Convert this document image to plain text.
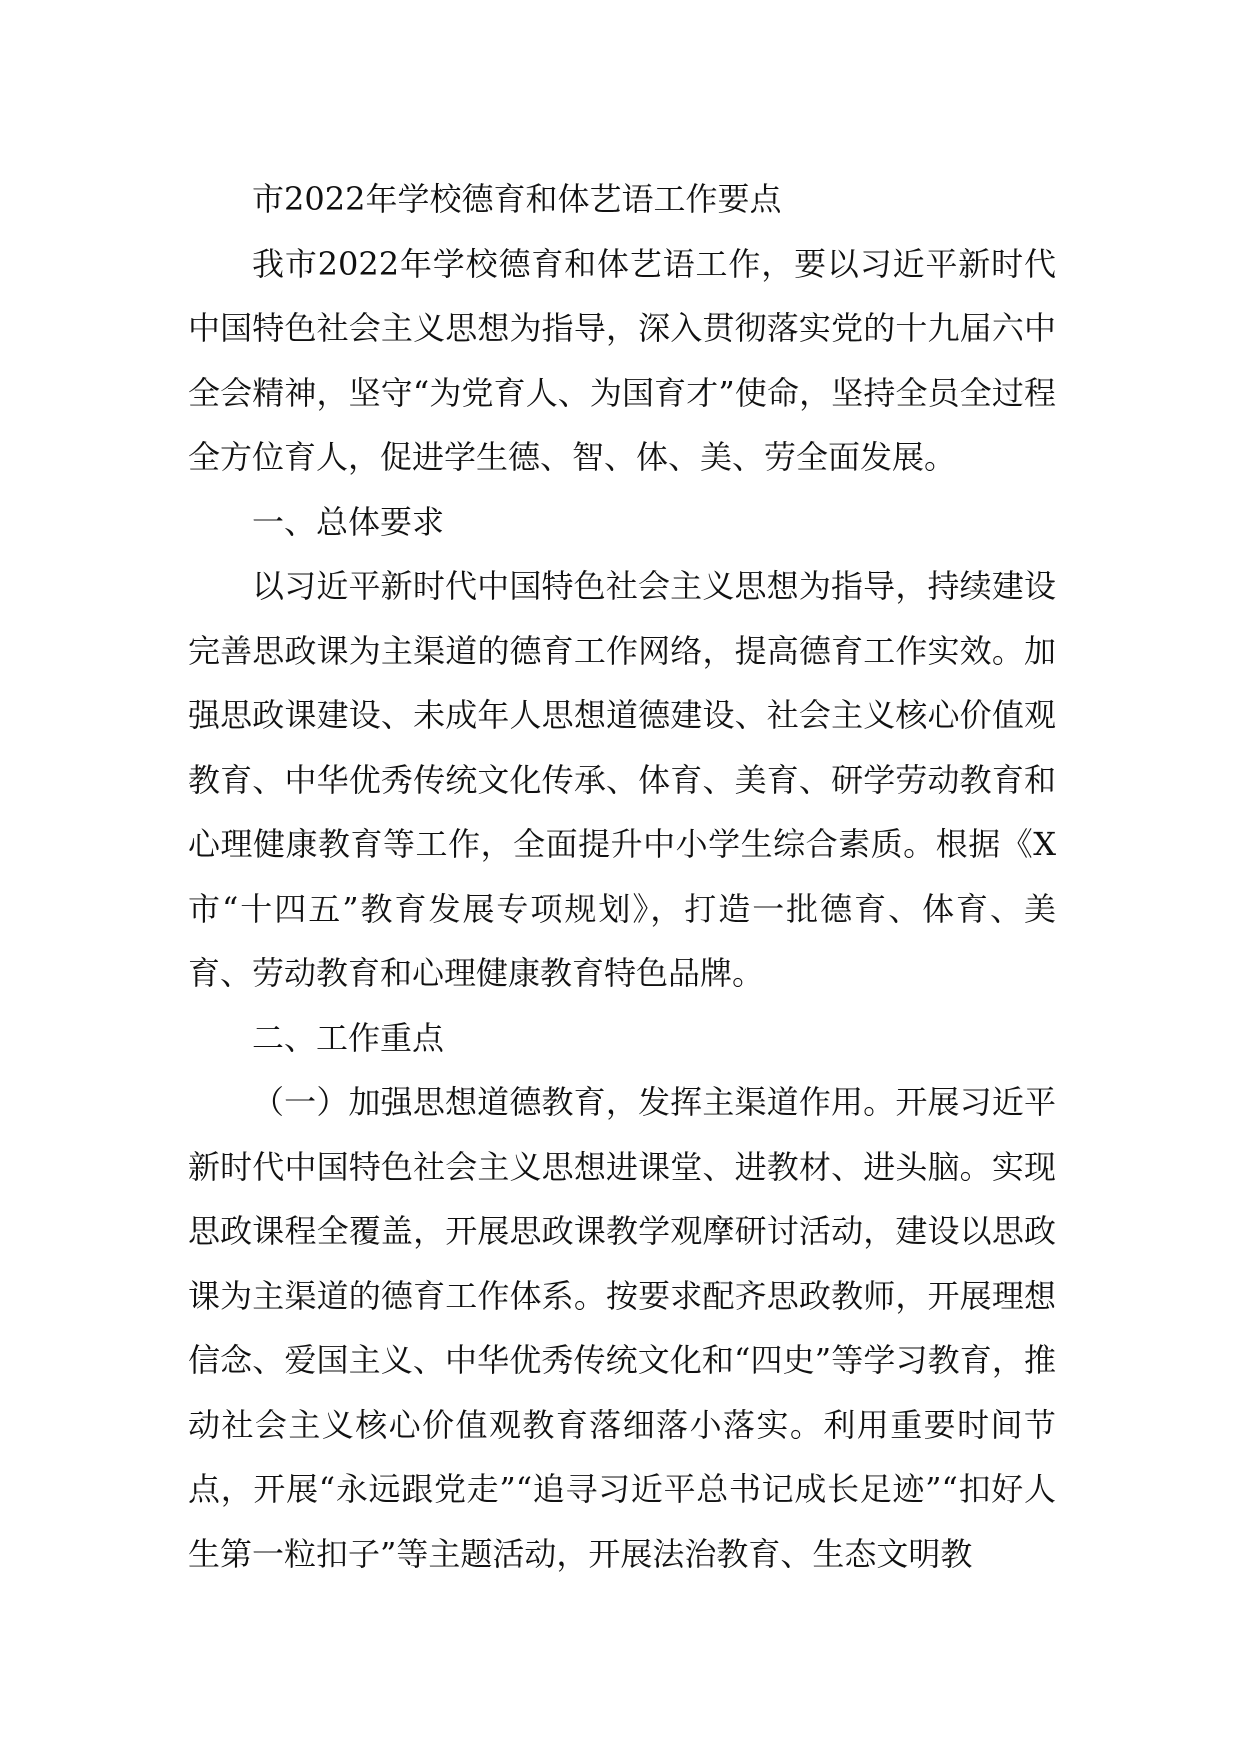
市2022年学校德育和体艺语工作要点

我市2022年学校德育和体艺语工作，要以习近平新时代中国特色社会主义思想为指导，深入贯彻落实党的十九届六中全会精神，坚守“为党育人、为国育才”使命，坚持全员全过程全方位育人，促进学生德、智、体、美、劳全面发展。

一、总体要求

以习近平新时代中国特色社会主义思想为指导，持续建设完善思政课为主渠道的德育工作网络，提高德育工作实效。加强思政课建设、未成年人思想道德建设、社会主义核心价值观教育、中华优秀传统文化传承、体育、美育、研学劳动教育和心理健康教育等工作，全面提升中小学生综合素质。根据《X市“十四五”教育发展专项规划》，打造一批德育、体育、美育、劳动教育和心理健康教育特色品牌。

二、工作重点

（一）加强思想道德教育，发挥主渠道作用。开展习近平新时代中国特色社会主义思想进课堂、进教材、进头脑。实现思政课程全覆盖，开展思政课教学观摩研讨活动，建设以思政课为主渠道的德育工作体系。按要求配齐思政教师，开展理想信念、爱国主义、中华优秀传统文化和“四史”等学习教育，推动社会主义核心价值观教育落细落小落实。利用重要时间节点，开展“永远跟党走”“追寻习近平总书记成长足迹”“扣好人生第一粒扣子”等主题活动，开展法治教育、生态文明教
